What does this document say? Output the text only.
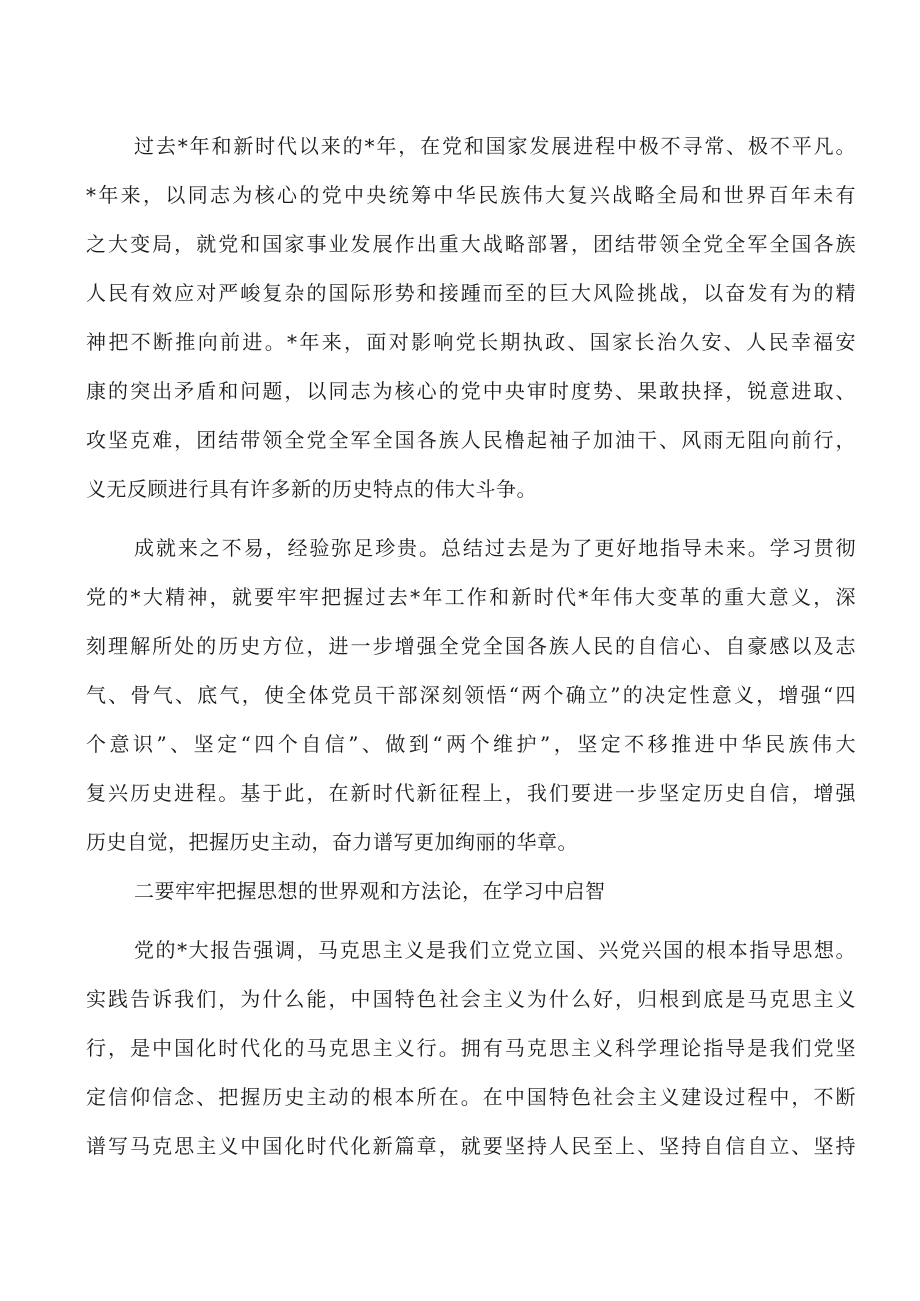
过去*年和新时代以来的*年，在党和国家发展进程中极不寻常、极不平凡。
*年来，以同志为核心的党中央统筹中华民族伟大复兴战略全局和世界百年未有
之大变局，就党和国家事业发展作出重大战略部署，团结带领全党全军全国各族
人民有效应对严峻复杂的国际形势和接踵而至的巨大风险挑战，以奋发有为的精
神把不断推向前进。*年来，面对影响党长期执政、国家长治久安、人民幸福安
康的突出矛盾和问题，以同志为核心的党中央审时度势、果敢抉择，锐意进取、
攻坚克难，团结带领全党全军全国各族人民橹起袖子加油干、风雨无阻向前行，
义无反顾进行具有许多新的历史特点的伟大斗争。
成就来之不易，经验弥足珍贵。总结过去是为了更好地指导未来。学习贯彻
党的*大精神，就要牢牢把握过去*年工作和新时代*年伟大变革的重大意义，深
刻理解所处的历史方位，进一步增强全党全国各族人民的自信心、自豪感以及志
气、骨气、底气，使全体党员干部深刻领悟“两个确立”的决定性意义，增强“四
个意识”、坚定“四个自信”、做到“两个维护”，坚定不移推进中华民族伟大
复兴历史进程。基于此，在新时代新征程上，我们要进一步坚定历史自信，增强
历史自觉，把握历史主动，奋力谱写更加绚丽的华章。
二要牢牢把握思想的世界观和方法论，在学习中启智
党的*大报告强调，马克思主义是我们立党立国、兴党兴国的根本指导思想。
实践告诉我们，为什么能，中国特色社会主义为什么好，归根到底是马克思主义
行，是中国化时代化的马克思主义行。拥有马克思主义科学理论指导是我们党坚
定信仰信念、把握历史主动的根本所在。在中国特色社会主义建设过程中，不断
谱写马克思主义中国化时代化新篇章，就要坚持人民至上、坚持自信自立、坚持
